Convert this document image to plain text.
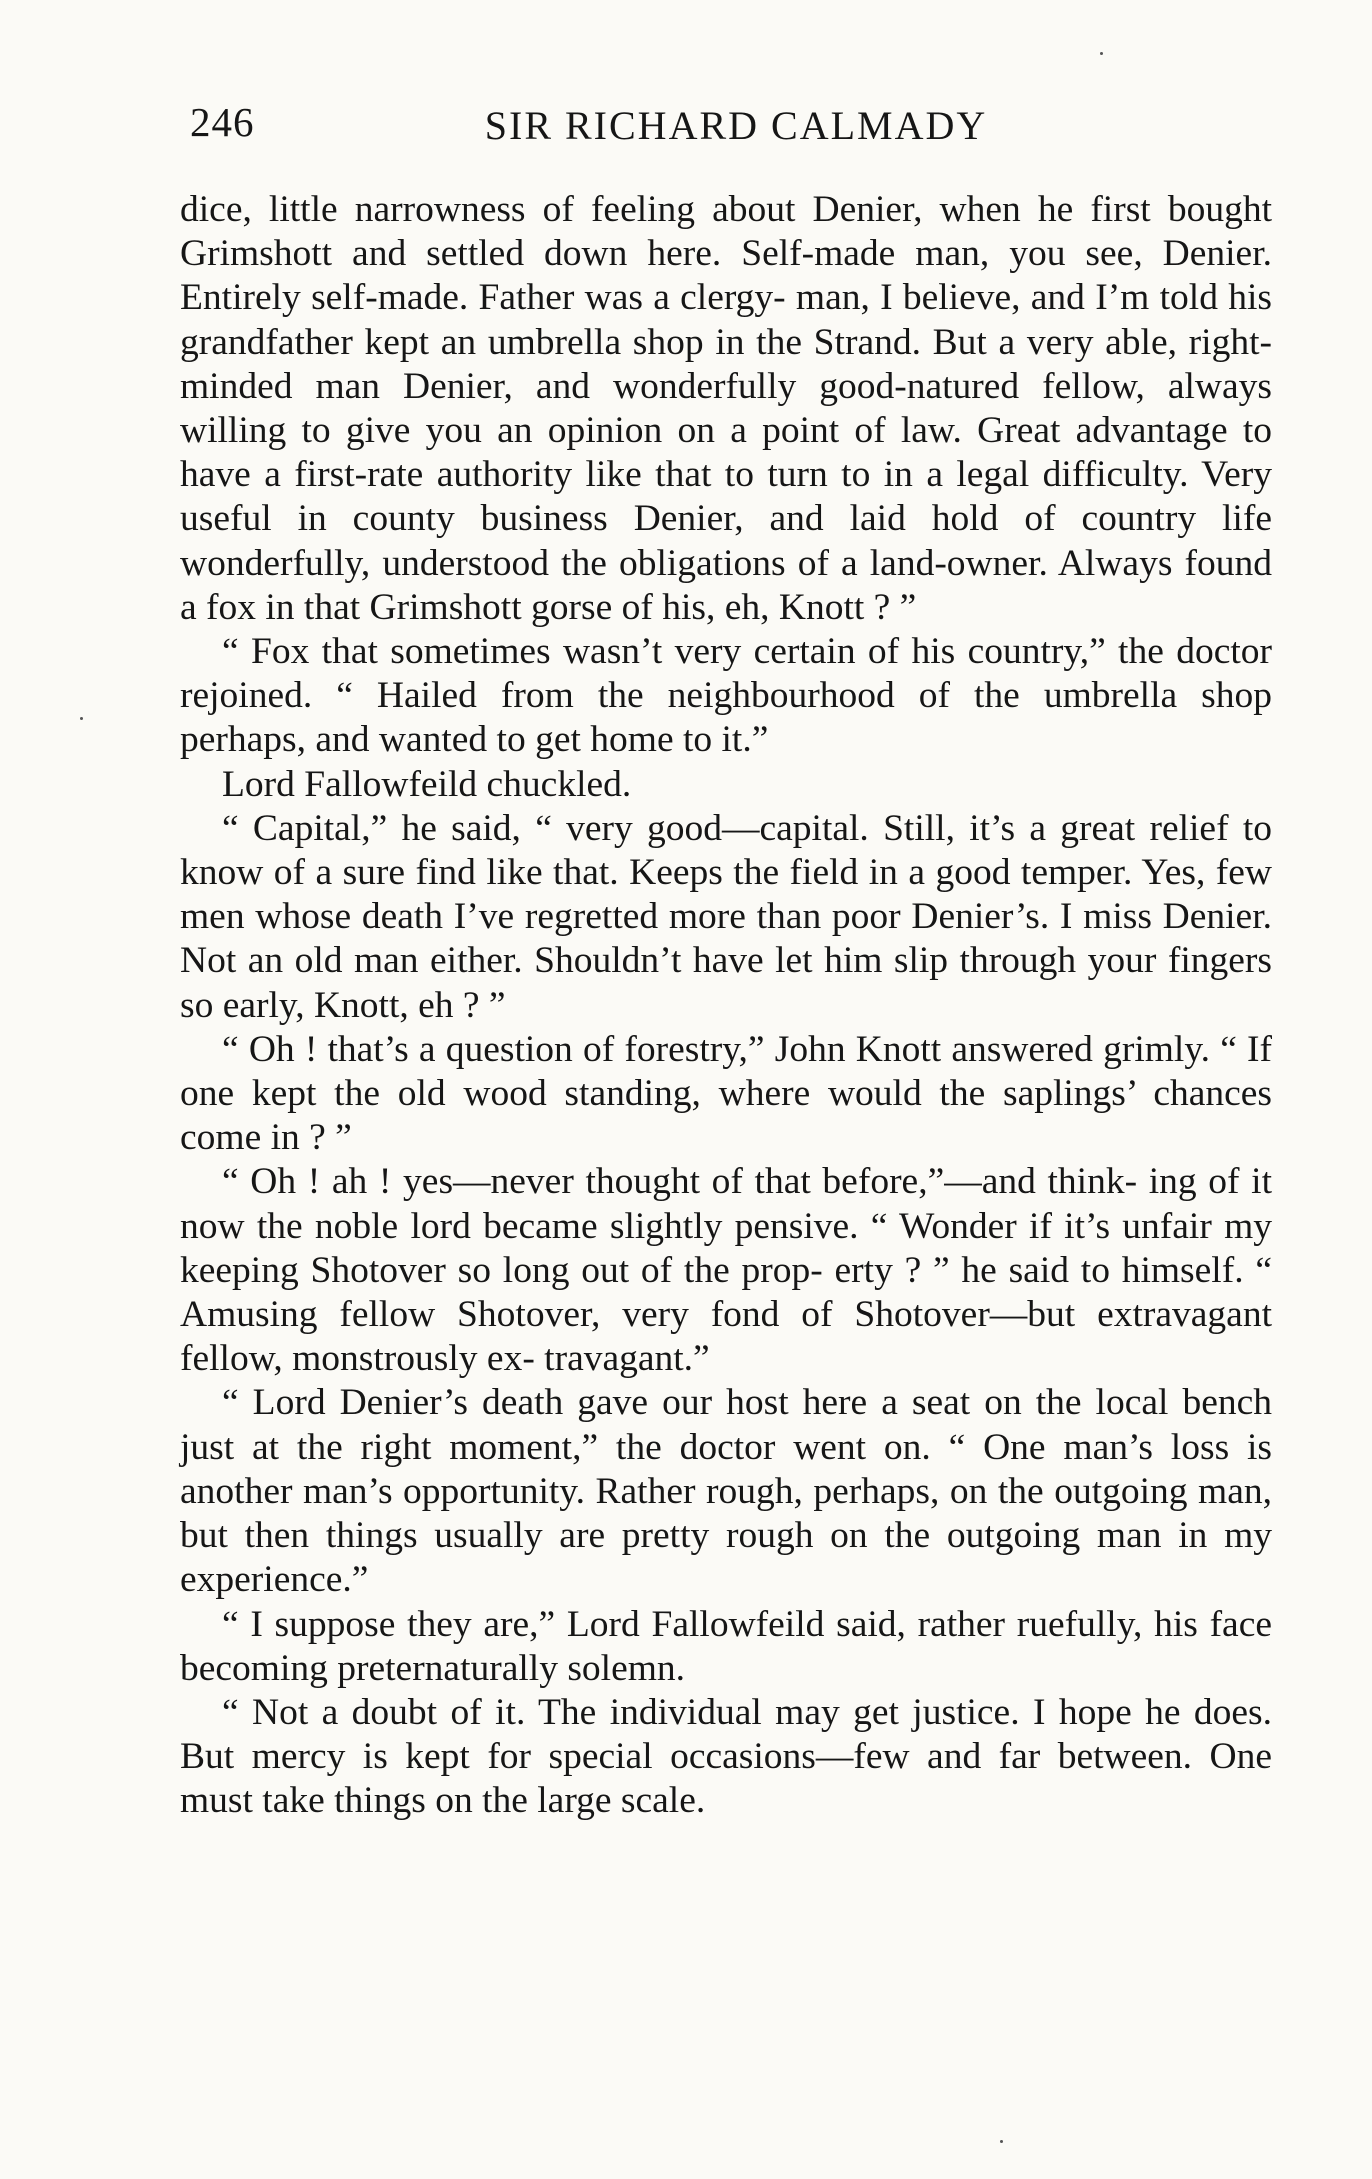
246	SIR RICHARD CALMADY

dice, little narrowness of feeling about Denier, when he first bought Grimshott and settled down here. Self-made man, you see, Denier. Entirely self-made. Father was a clergy- man, I believe, and I’m told his grandfather kept an umbrella shop in the Strand. But a very able, right-minded man Denier, and wonderfully good-natured fellow, always willing to give you an opinion on a point of law. Great advantage to have a first-rate authority like that to turn to in a legal difficulty. Very useful in county business Denier, and laid hold of country life wonderfully, understood the obligations of a land-owner. Always found a fox in that Grimshott gorse of his, eh, Knott ? ”

“ Fox that sometimes wasn’t very certain of his country,” the doctor rejoined. “ Hailed from the neighbourhood of the umbrella shop perhaps, and wanted to get home to it.”

Lord Fallowfeild chuckled.

“ Capital,” he said, “ very good—capital. Still, it’s a great relief to know of a sure find like that. Keeps the field in a good temper. Yes, few men whose death I’ve regretted more than poor Denier’s. I miss Denier. Not an old man either. Shouldn’t have let him slip through your fingers so early, Knott, eh ? ”

“ Oh ! that’s a question of forestry,” John Knott answered grimly. “ If one kept the old wood standing, where would the saplings’ chances come in ? ”

“ Oh ! ah ! yes—never thought of that before,”—and think- ing of it now the noble lord became slightly pensive. “ Wonder if it’s unfair my keeping Shotover so long out of the prop- erty ? ” he said to himself. “ Amusing fellow Shotover, very fond of Shotover—but extravagant fellow, monstrously ex- travagant.”

“ Lord Denier’s death gave our host here a seat on the local bench just at the right moment,” the doctor went on. “ One man’s loss is another man’s opportunity. Rather rough, perhaps, on the outgoing man, but then things usually are pretty rough on the outgoing man in my experience.”

“ I suppose they are,” Lord Fallowfeild said, rather ruefully, his face becoming preternaturally solemn.

“ Not a doubt of it. The individual may get justice. I hope he does. But mercy is kept for special occasions—few and far between. One must take things on the large scale.
